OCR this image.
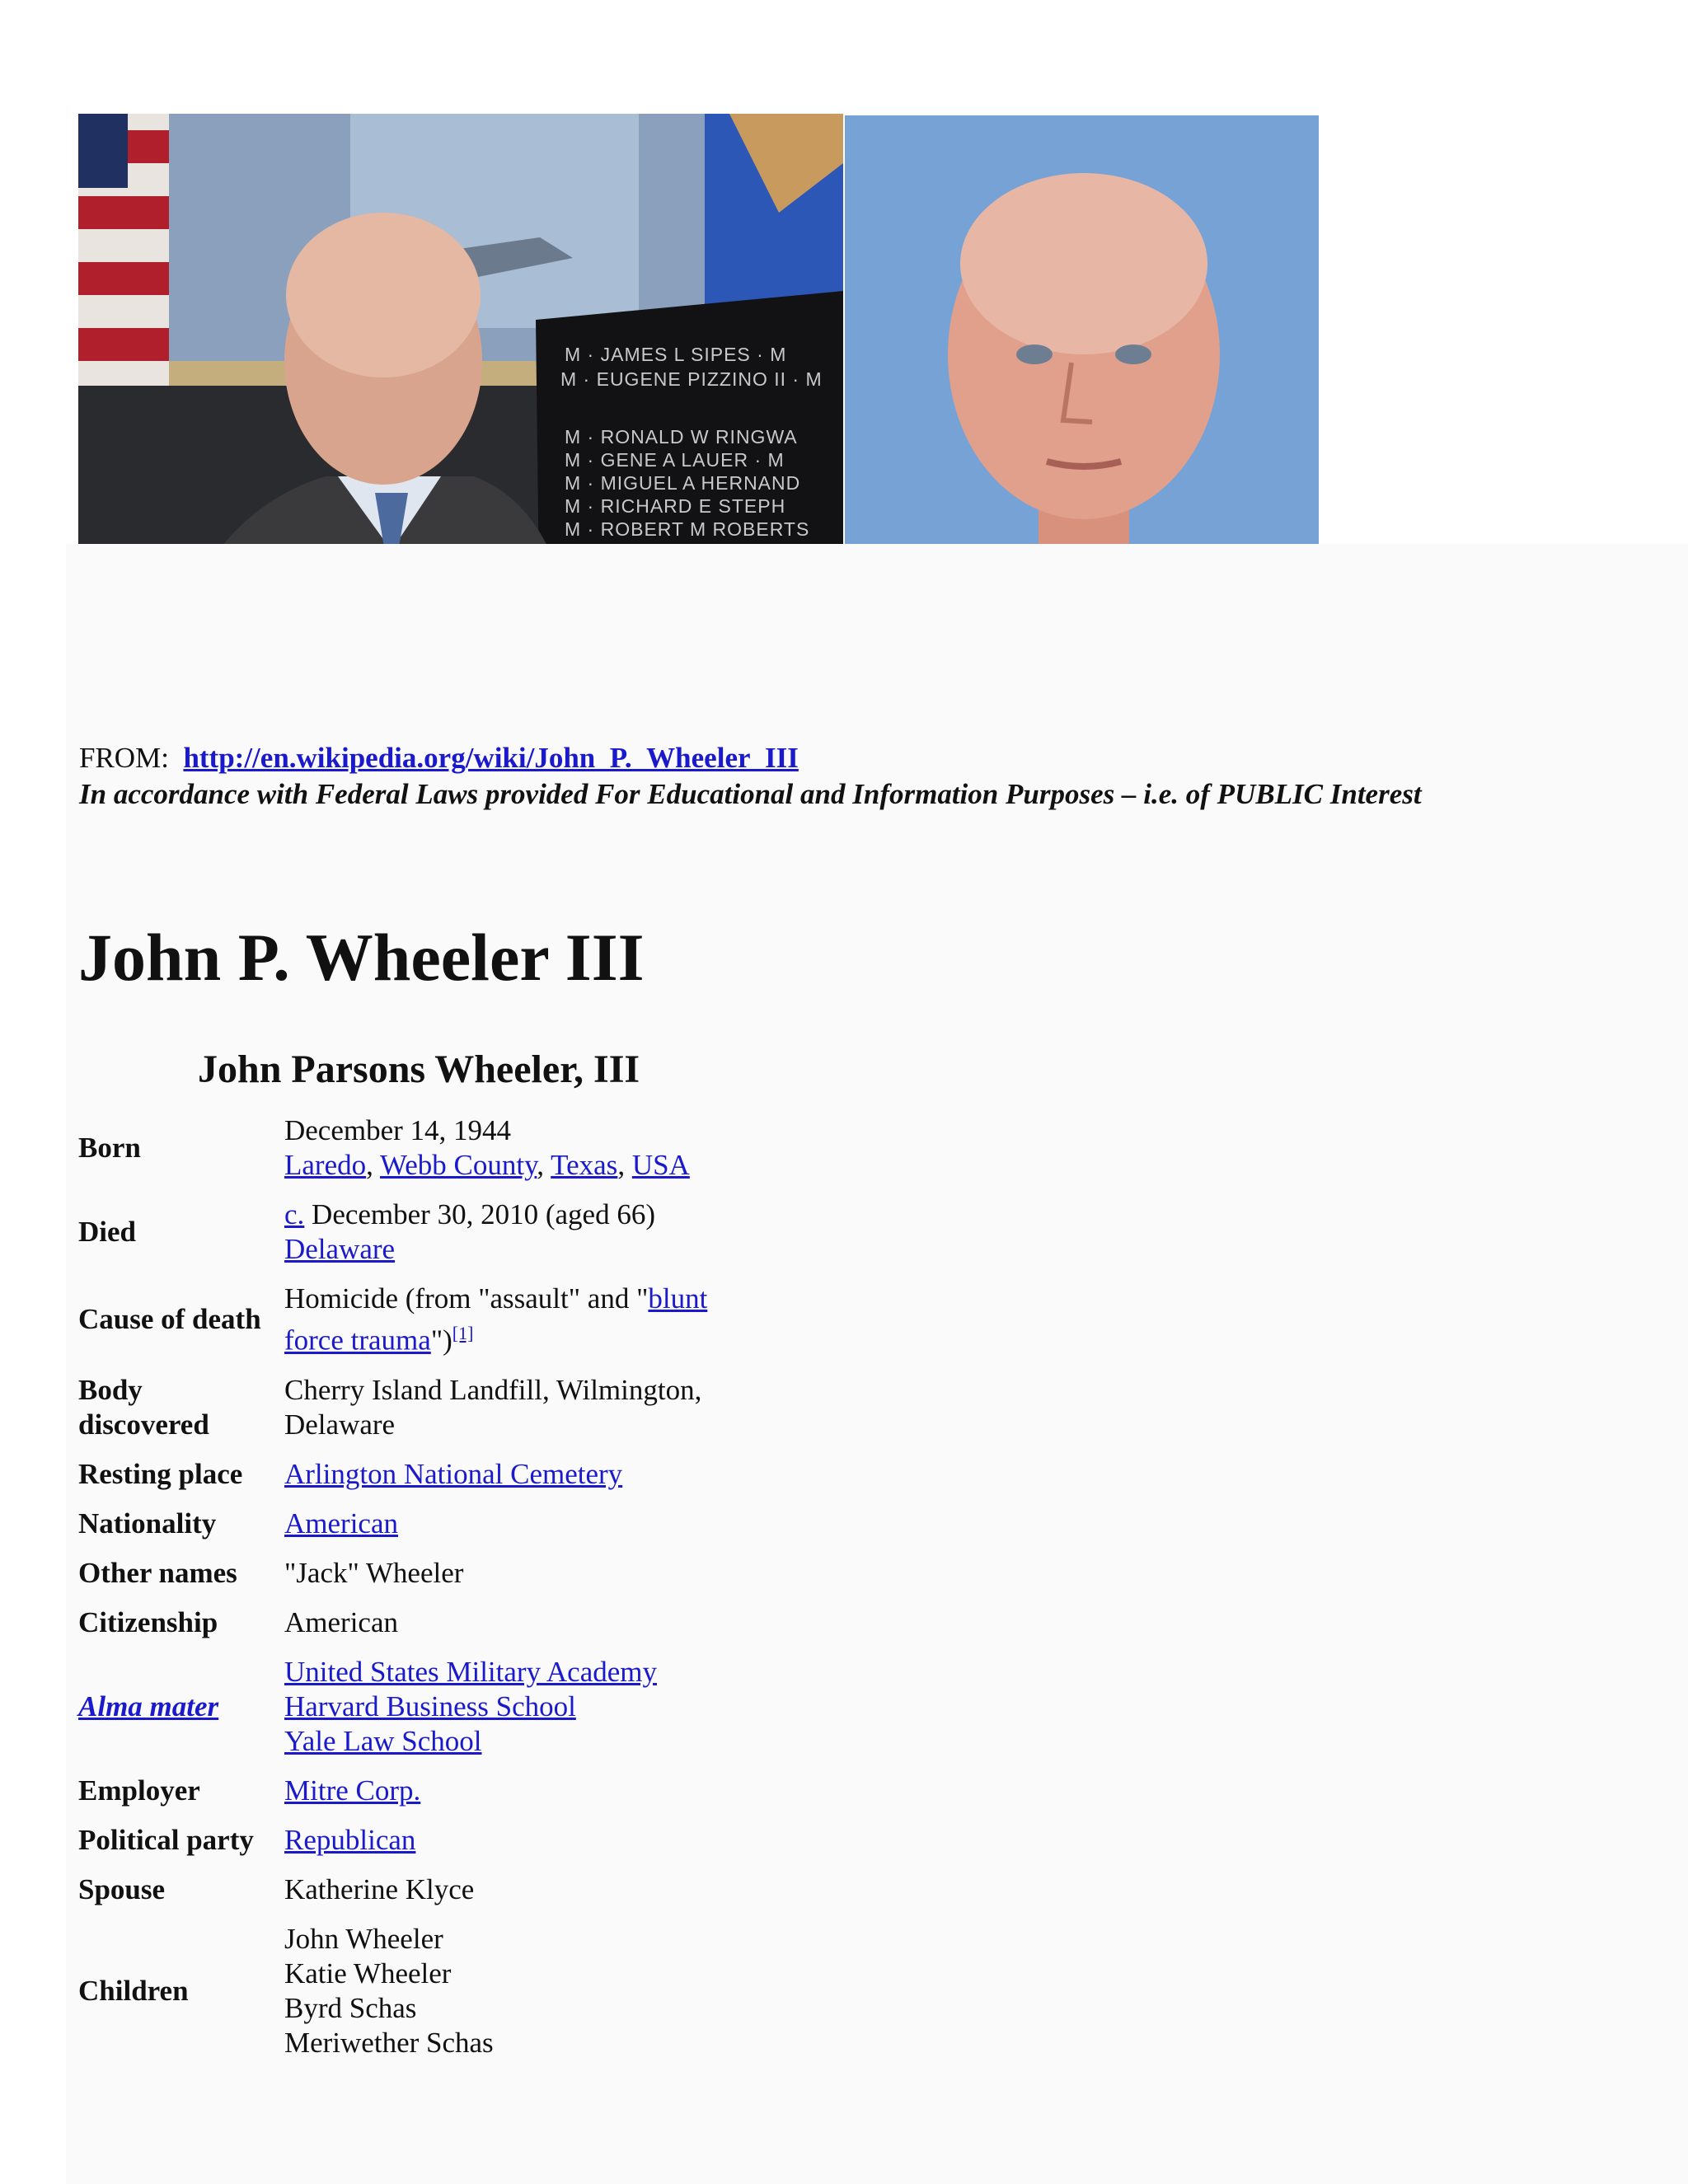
M · JAMES L SIPES · M
M · EUGENE PIZZINO II · M
M · RONALD W RINGWA
M · GENE A LAUER · M
M · MIGUEL A HERNAND
M · RICHARD E STEPH
M · ROBERT M ROBERTS
FROM: http://en.wikipedia.org/wiki/John_P._Wheeler_III
In accordance with Federal Laws provided For Educational and Information Purposes – i.e. of PUBLIC Interest
John P. Wheeler III
John Parsons Wheeler, III
Born	December 14, 1944
Laredo, Webb County, Texas, USA
Died	c. December 30, 2010 (aged 66)
Delaware
Cause of death	Homicide (from "assault" and "blunt
force trauma")[1]
Body
discovered	Cherry Island Landfill, Wilmington,
Delaware
Resting place	Arlington National Cemetery
Nationality	American
Other names	"Jack" Wheeler
Citizenship	American
Alma mater	United States Military Academy
Harvard Business School
Yale Law School
Employer	Mitre Corp.
Political party	Republican
Spouse	Katherine Klyce
Children	John Wheeler
Katie Wheeler
Byrd Schas
Meriwether Schas
